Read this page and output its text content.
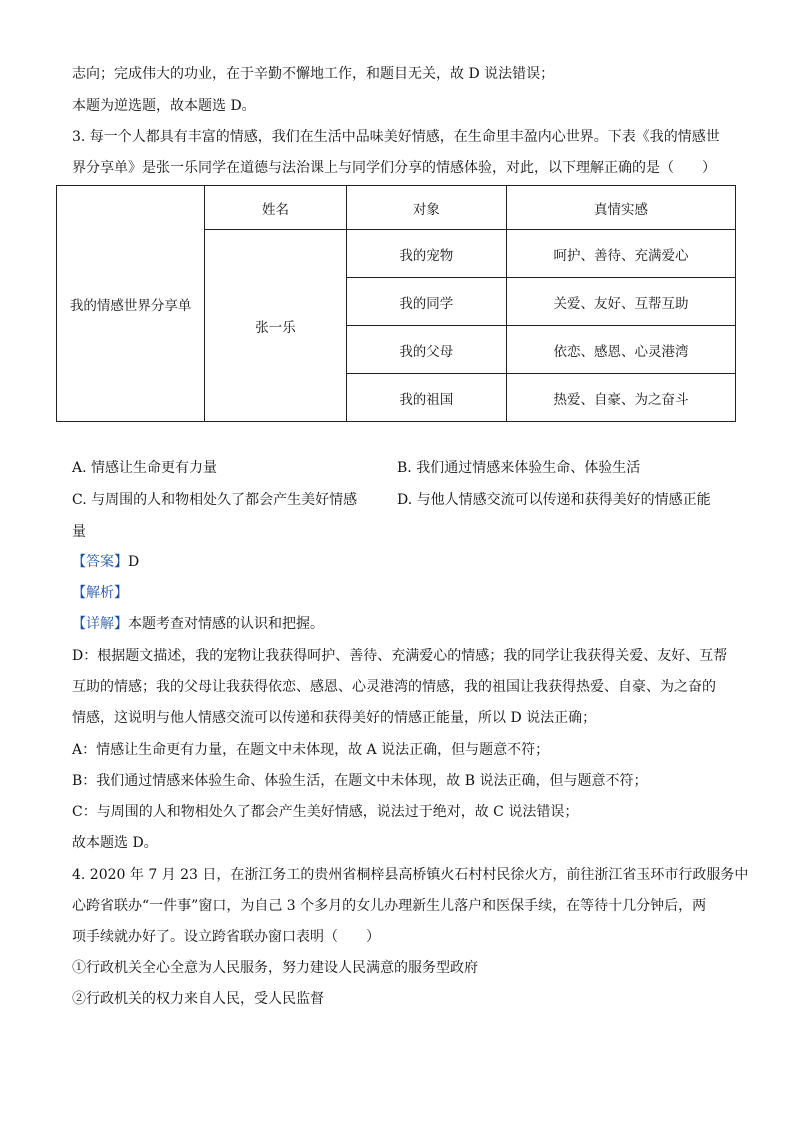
志向；完成伟大的功业，在于辛勤不懈地工作，和题目无关，故 D 说法错误；
本题为逆选题，故本题选 D。
3. 每一个人都具有丰富的情感，我们在生活中品味美好情感，在生命里丰盈内心世界。下表《我的情感世
界分享单》是张一乐同学在道德与法治课上与同学们分享的情感体验，对此，以下理解正确的是（　　）
我的情感世界分享单	姓名	对象	真情实感
	张一乐	我的宠物	呵护、善待、充满爱心
		我的同学	关爱、友好、互帮互助
		我的父母	依恋、感恩、心灵港湾
		我的祖国	热爱、自豪、为之奋斗
A. 情感让生命更有力量	B. 我们通过情感来体验生命、体验生活
C. 与周围的人和物相处久了都会产生美好情感	D. 与他人情感交流可以传递和获得美好的情感正能
量
【答案】D
【解析】
【详解】本题考查对情感的认识和把握。
D：根据题文描述，我的宠物让我获得呵护、善待、充满爱心的情感；我的同学让我获得关爱、友好、互帮
互助的情感；我的父母让我获得依恋、感恩、心灵港湾的情感，我的祖国让我获得热爱、自豪、为之奋的
情感，这说明与他人情感交流可以传递和获得美好的情感正能量，所以 D 说法正确；
A：情感让生命更有力量，在题文中未体现，故 A 说法正确，但与题意不符；
B：我们通过情感来体验生命、体验生活，在题文中未体现，故 B 说法正确，但与题意不符；
C：与周围的人和物相处久了都会产生美好情感，说法过于绝对，故 C 说法错误；
故本题选 D。
4. 2020 年 7 月 23 日，在浙江务工的贵州省桐梓县高桥镇火石村村民徐火方，前往浙江省玉环市行政服务中
心跨省联办“一件事”窗口，为自己 3 个多月的女儿办理新生儿落户和医保手续，在等待十几分钟后，两
项手续就办好了。设立跨省联办窗口表明（　　）
①行政机关全心全意为人民服务，努力建设人民满意的服务型政府
②行政机关的权力来自人民，受人民监督
